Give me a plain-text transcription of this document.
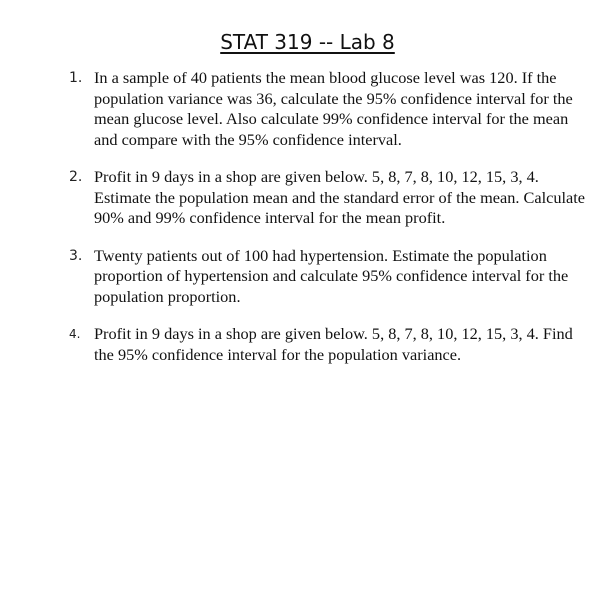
STAT 319 -- Lab 8
1. In a sample of 40 patients the mean blood glucose level was 120. If the population variance was 36, calculate the 95% confidence interval for the mean glucose level. Also calculate 99% confidence interval for the mean and compare with the 95% confidence interval.
2. Profit in 9 days in a shop are given below. 5, 8, 7, 8, 10, 12, 15, 3, 4. Estimate the population mean and the standard error of the mean. Calculate 90% and 99% confidence interval for the mean profit.
3. Twenty patients out of 100 had hypertension. Estimate the population proportion of hypertension and calculate 95% confidence interval for the population proportion.
4. Profit in 9 days in a shop are given below. 5, 8, 7, 8, 10, 12, 15, 3, 4. Find the 95% confidence interval for the population variance.
